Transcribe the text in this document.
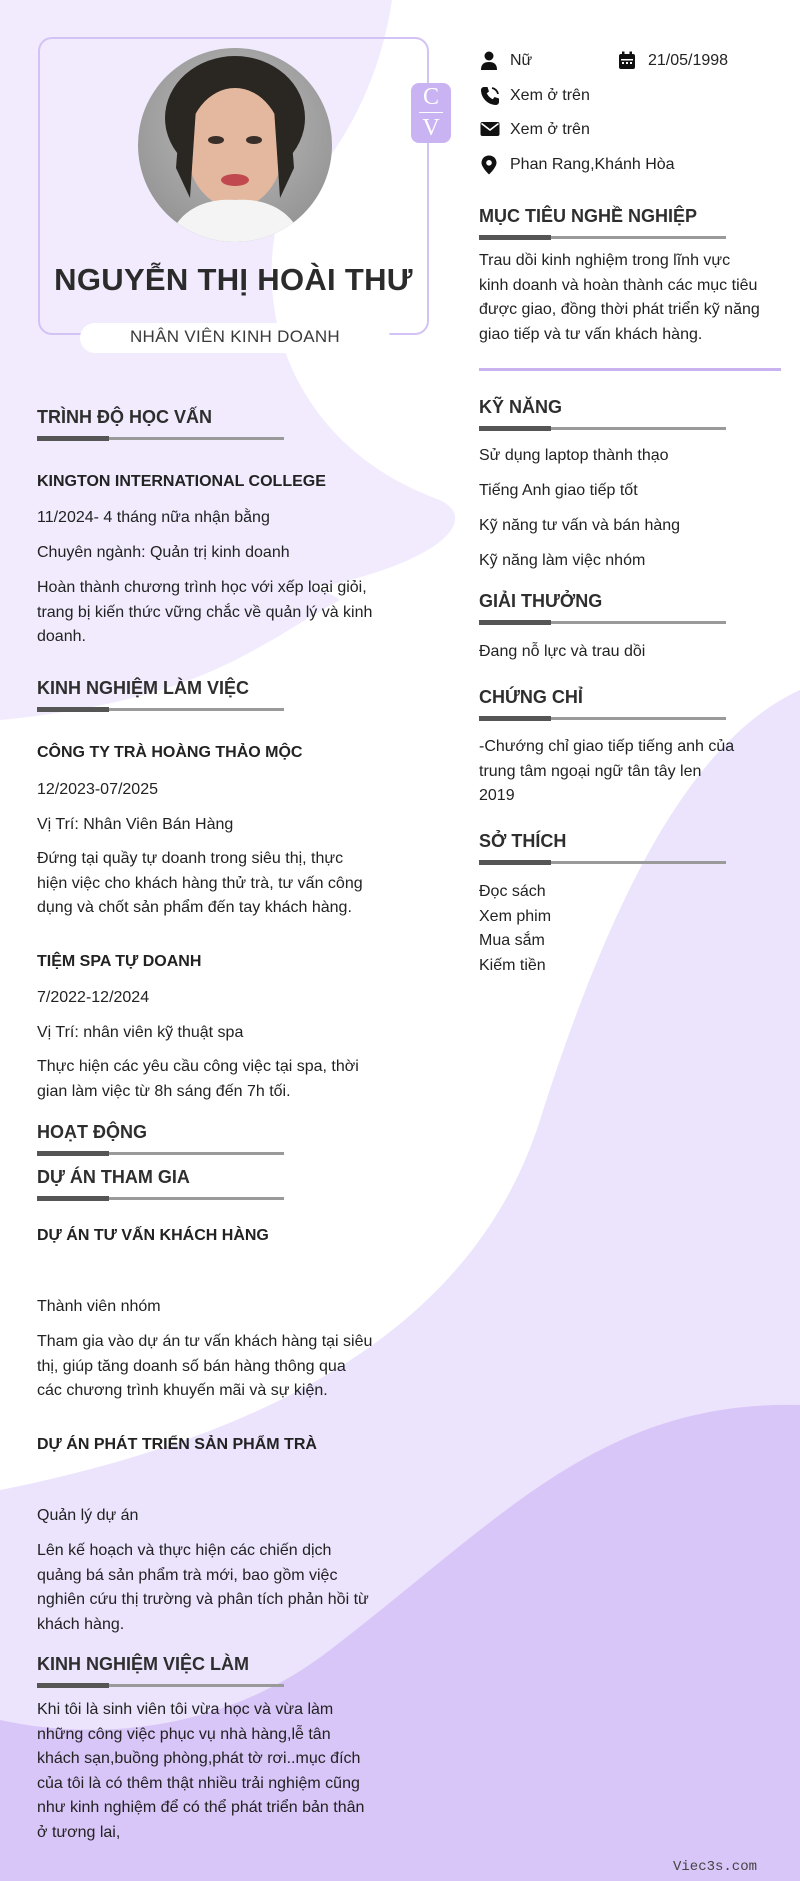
C
V
NGUYỄN THỊ HOÀI THƯ
NHÂN VIÊN KINH DOANH
Nữ	21/05/1998
Xem ở trên
Xem ở trên
Phan Rang,Khánh Hòa
TRÌNH ĐỘ HỌC VẤN
KINGTON INTERNATIONAL COLLEGE
11/2024- 4 tháng nữa nhận bằng
Chuyên ngành: Quản trị kinh doanh
Hoàn thành chương trình học với xếp loại giỏi,
trang bị kiến thức vững chắc về quản lý và kinh
doanh.
KINH NGHIỆM LÀM VIỆC
CÔNG TY TRÀ HOÀNG THẢO MỘC
12/2023-07/2025
Vị Trí: Nhân Viên Bán Hàng
Đứng tại quầy tự doanh trong siêu thị, thực
hiện việc cho khách hàng thử trà, tư vấn công
dụng và chốt sản phẩm đến tay khách hàng.
TIỆM SPA TỰ DOANH
7/2022-12/2024
Vị Trí: nhân viên kỹ thuật spa
Thực hiện các yêu cầu công việc tại spa, thời
gian làm việc từ 8h sáng đến 7h tối.
HOẠT ĐỘNG
DỰ ÁN THAM GIA
DỰ ÁN TƯ VẤN KHÁCH HÀNG
Thành viên nhóm
Tham gia vào dự án tư vấn khách hàng tại siêu
thị, giúp tăng doanh số bán hàng thông qua
các chương trình khuyến mãi và sự kiện.
DỰ ÁN PHÁT TRIỂN SẢN PHẨM TRÀ
Quản lý dự án
Lên kế hoạch và thực hiện các chiến dịch
quảng bá sản phẩm trà mới, bao gồm việc
nghiên cứu thị trường và phân tích phản hồi từ
khách hàng.
KINH NGHIỆM VIỆC LÀM
Khi tôi là sinh viên tôi vừa học và vừa làm
những công việc phục vụ nhà hàng,lễ tân
khách sạn,buồng phòng,phát tờ rơi..mục đích
của tôi là có thêm thật nhiều trải nghiệm cũng
như kinh nghiệm để có thể phát triển bản thân
ở tương lai,
MỤC TIÊU NGHỀ NGHIỆP
Trau dồi kinh nghiệm trong lĩnh vực
kinh doanh và hoàn thành các mục tiêu
được giao, đồng thời phát triển kỹ năng
giao tiếp và tư vấn khách hàng.
KỸ NĂNG
Sử dụng laptop thành thạo
Tiếng Anh giao tiếp tốt
Kỹ năng tư vấn và bán hàng
Kỹ năng làm việc nhóm
GIẢI THƯỞNG
Đang nỗ lực và trau dồi
CHỨNG CHỈ
-Chướng chỉ giao tiếp tiếng anh của
trung tâm ngoại ngữ tân tây len
2019
SỞ THÍCH
Đọc sách
Xem phim
Mua sắm
Kiếm tiền
Viec3s.com
